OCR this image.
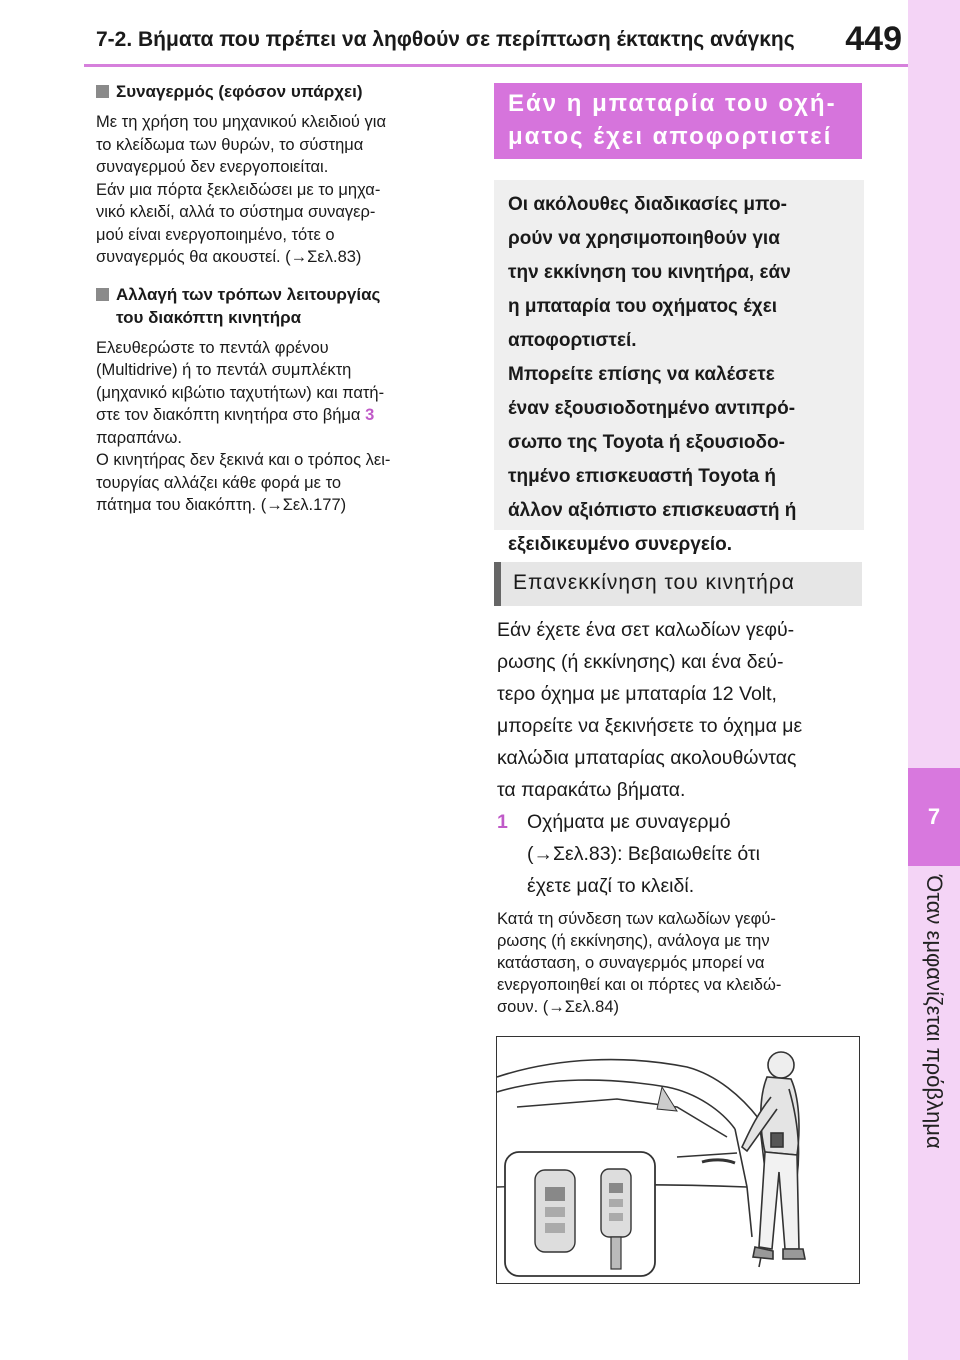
7-2. Βήματα που πρέπει να ληφθούν σε περίπτωση έκτακτης ανάγκης	449
7
Όταν εμφανίζεται πρόβλημα
Συναγερμός (εφόσον υπάρχει)

Με τη χρήση του μηχανικού κλειδιού για

το κλείδωμα των θυρών, το σύστημα

συναγερμού δεν ενεργοποιείται.

Εάν μια πόρτα ξεκλειδώσει με το μηχα-

νικό κλειδί, αλλά το σύστημα συναγερ-

μού είναι ενεργοποιημένο, τότε ο

συναγερμός θα ακουστεί. (→Σελ.83)

Αλλαγή των τρόπων λειτουργίας
του διακόπτη κινητήρα

Ελευθερώστε το πεντάλ φρένου

(Multidrive) ή το πεντάλ συμπλέκτη

(μηχανικό κιβώτιο ταχυτήτων) και πατή-

στε τον διακόπτη κινητήρα στο βήμα 3

παραπάνω.

Ο κινητήρας δεν ξεκινά και ο τρόπος λει-

τουργίας αλλάζει κάθε φορά με το

πάτημα του διακόπτη. (→Σελ.177)

Εάν η μπαταρία του οχή-
ματος έχει αποφορτιστεί

Οι ακόλουθες διαδικασίες μπο-

ρούν να χρησιμοποιηθούν για

την εκκίνηση του κινητήρα, εάν

η μπαταρία του οχήματος έχει

αποφορτιστεί.

Μπορείτε επίσης να καλέσετε

έναν εξουσιοδοτημένο αντιπρό-

σωπο της Toyota ή εξουσιοδο-

τημένο επισκευαστή Toyota ή

άλλον αξιόπιστο επισκευαστή ή

εξειδικευμένο συνεργείο.

Επανεκκίνηση του κινητήρα
Εάν έχετε ένα σετ καλωδίων γεφύ-
ρωσης (ή εκκίνησης) και ένα δεύ-
τερο όχημα με μπαταρία 12 Volt,
μπορείτε να ξεκινήσετε το όχημα με
καλώδια μπαταρίας ακολουθώντας
τα παρακάτω βήματα.
1 Οχήματα με συναγερμό
(→Σελ.83): Βεβαιωθείτε ότι
έχετε μαζί το κλειδί.
Κατά τη σύνδεση των καλωδίων γεφύ-
ρωσης (ή εκκίνησης), ανάλογα με την
κατάσταση, ο συναγερμός μπορεί να
ενεργοποιηθεί και οι πόρτες να κλειδώ-
σουν. (→Σελ.84)
